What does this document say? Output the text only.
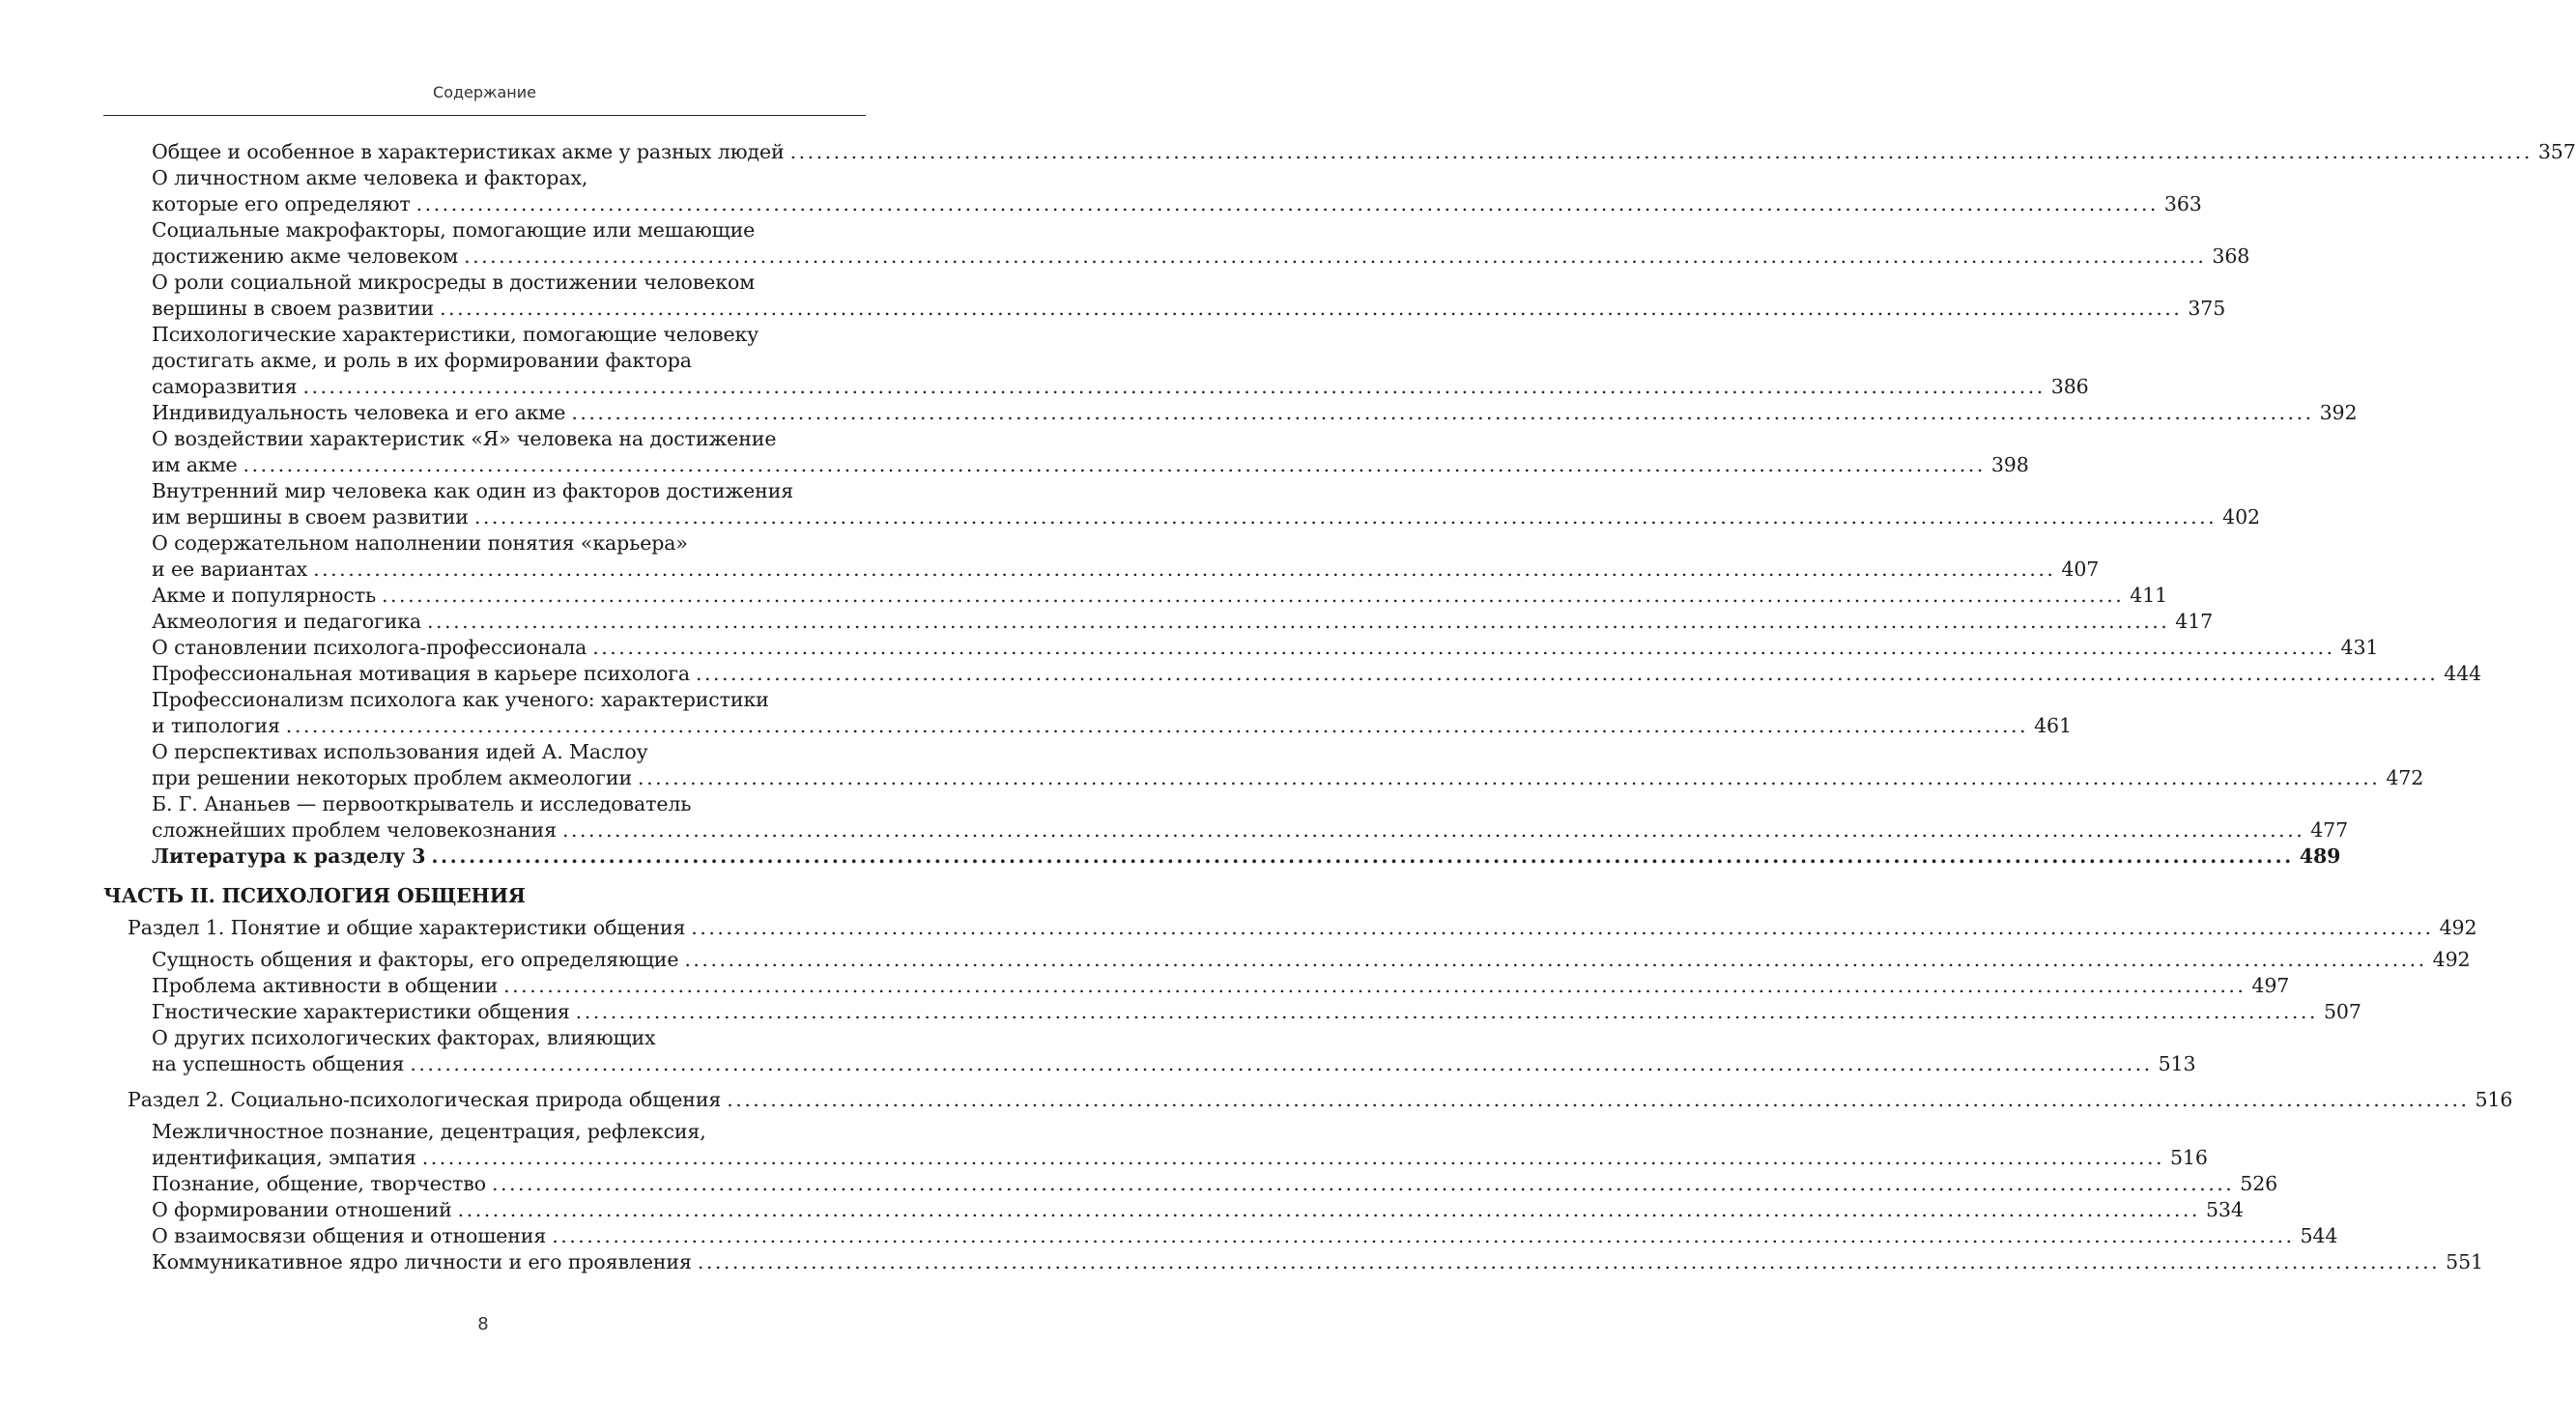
Содержание
Общее и особенное в характеристиках акме у разных людей ........................................................................................................................................................................................................ 357
О личностном акме человека и факторах,
которые его определяют ........................................................................................................................................................................................................ 363
Социальные макрофакторы, помогающие или мешающие
достижению акме человеком ........................................................................................................................................................................................................ 368
О роли социальной микросреды в достижении человеком
вершины в своем развитии ........................................................................................................................................................................................................ 375
Психологические характеристики, помогающие человеку
достигать акме, и роль в их формировании фактора
саморазвития ........................................................................................................................................................................................................ 386
Индивидуальность человека и его акме ........................................................................................................................................................................................................ 392
О воздействии характеристик «Я» человека на достижение
им акме ........................................................................................................................................................................................................ 398
Внутренний мир человека как один из факторов достижения
им вершины в своем развитии ........................................................................................................................................................................................................ 402
О содержательном наполнении понятия «карьера»
и ее вариантах ........................................................................................................................................................................................................ 407
Акме и популярность ........................................................................................................................................................................................................ 411
Акмеология и педагогика ........................................................................................................................................................................................................ 417
О становлении психолога-профессионала ........................................................................................................................................................................................................ 431
Профессиональная мотивация в карьере психолога ........................................................................................................................................................................................................ 444
Профессионализм психолога как ученого: характеристики
и типология ........................................................................................................................................................................................................ 461
О перспективах использования идей А. Маслоу
при решении некоторых проблем акмеологии ........................................................................................................................................................................................................ 472
Б. Г. Ананьев — первооткрыватель и исследователь
сложнейших проблем человекознания ........................................................................................................................................................................................................ 477
Литература к разделу 3 ........................................................................................................................................................................................................ 489
ЧАСТЬ II. ПСИХОЛОГИЯ ОБЩЕНИЯ
Раздел 1. Понятие и общие характеристики общения ........................................................................................................................................................................................................ 492
Сущность общения и факторы, его определяющие ........................................................................................................................................................................................................ 492
Проблема активности в общении ........................................................................................................................................................................................................ 497
Гностические характеристики общения ........................................................................................................................................................................................................ 507
О других психологических факторах, влияющих
на успешность общения ........................................................................................................................................................................................................ 513
Раздел 2. Социально-психологическая природа общения ........................................................................................................................................................................................................ 516
Межличностное познание, децентрация, рефлексия,
идентификация, эмпатия ........................................................................................................................................................................................................ 516
Познание, общение, творчество ........................................................................................................................................................................................................ 526
О формировании отношений ........................................................................................................................................................................................................ 534
О взаимосвязи общения и отношения ........................................................................................................................................................................................................ 544
Коммуникативное ядро личности и его проявления ........................................................................................................................................................................................................ 551
8
